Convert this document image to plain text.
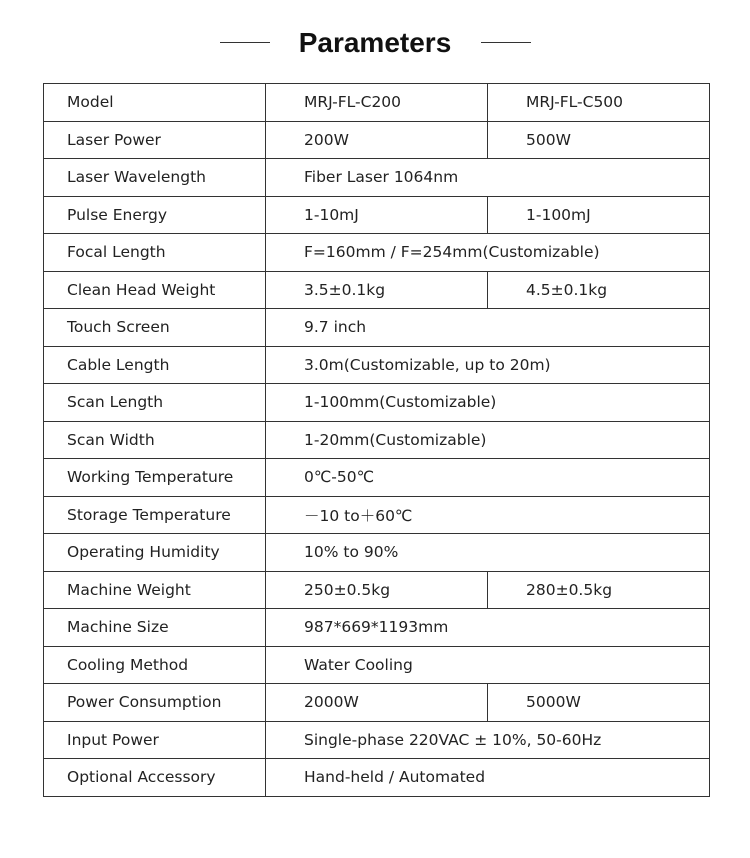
Parameters
Model	MRJ-FL-C200	MRJ-FL-C500
Laser Power	200W	500W
Laser Wavelength	Fiber Laser 1064nm	
Pulse Energy	1-10mJ	1-100mJ
Focal Length	F=160mm / F=254mm(Customizable)	
Clean Head Weight	3.5±0.1kg	4.5±0.1kg
Touch Screen	9.7 inch	
Cable Length	3.0m(Customizable, up to 20m)	
Scan Length	1-100mm(Customizable)	
Scan Width	1-20mm(Customizable)	
Working Temperature	0℃-50℃	
Storage Temperature	－10 to＋60℃	
Operating Humidity	10% to 90%	
Machine Weight	250±0.5kg	280±0.5kg
Machine Size	987*669*1193mm	
Cooling Method	Water Cooling	
Power Consumption	2000W	5000W
Input Power	Single-phase 220VAC ± 10%, 50-60Hz	
Optional Accessory	Hand-held / Automated	
